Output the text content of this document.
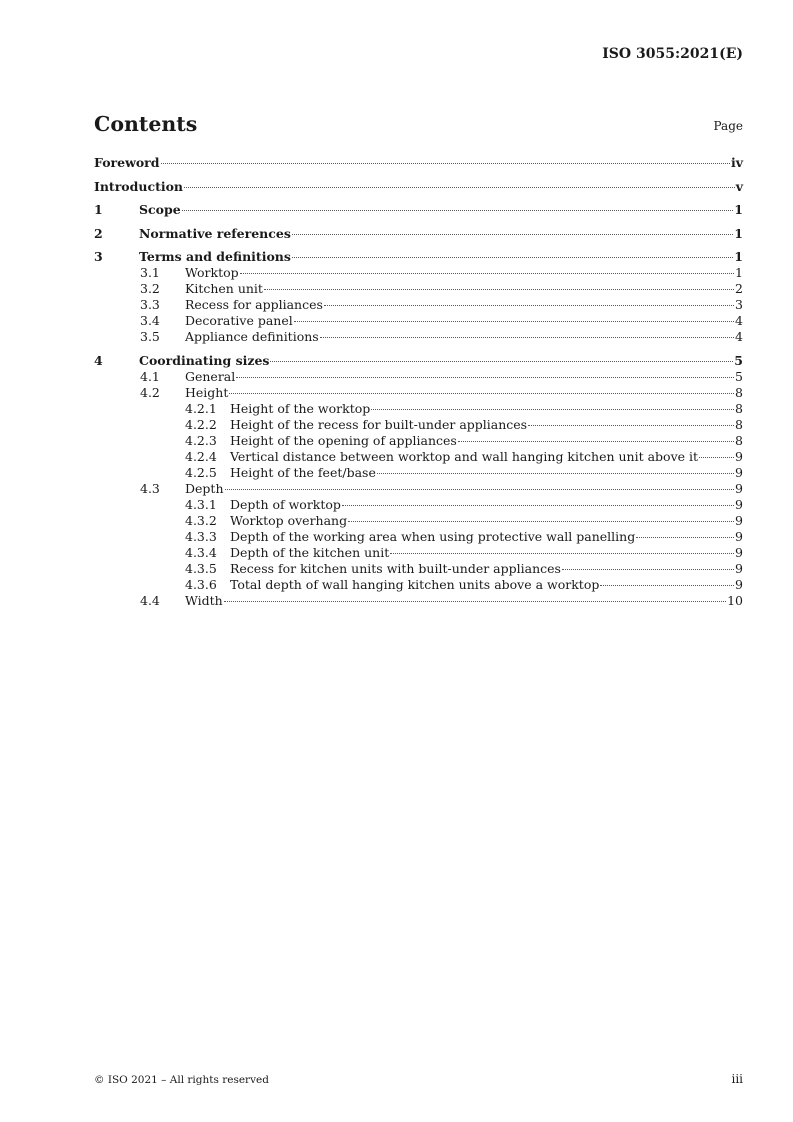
ISO 3055:2021(E)
Contents	Page
Foreword	iv
Introduction	v
1	Scope	1
2	Normative references	1
3	Terms and definitions	1
3.1	Worktop	1
3.2	Kitchen unit	2
3.3	Recess for appliances	3
3.4	Decorative panel	4
3.5	Appliance definitions	4
4	Coordinating sizes	5
4.1	General	5
4.2	Height	8
4.2.1	Height of the worktop	8
4.2.2	Height of the recess for built-under appliances	8
4.2.3	Height of the opening of appliances	8
4.2.4	Vertical distance between worktop and wall hanging kitchen unit above it	9
4.2.5	Height of the feet/base	9
4.3	Depth	9
4.3.1	Depth of worktop	9
4.3.2	Worktop overhang	9
4.3.3	Depth of the working area when using protective wall panelling	9
4.3.4	Depth of the kitchen unit	9
4.3.5	Recess for kitchen units with built-under appliances	9
4.3.6	Total depth of wall hanging kitchen units above a worktop	9
4.4	Width	10
© ISO 2021 – All rights reserved	iii
